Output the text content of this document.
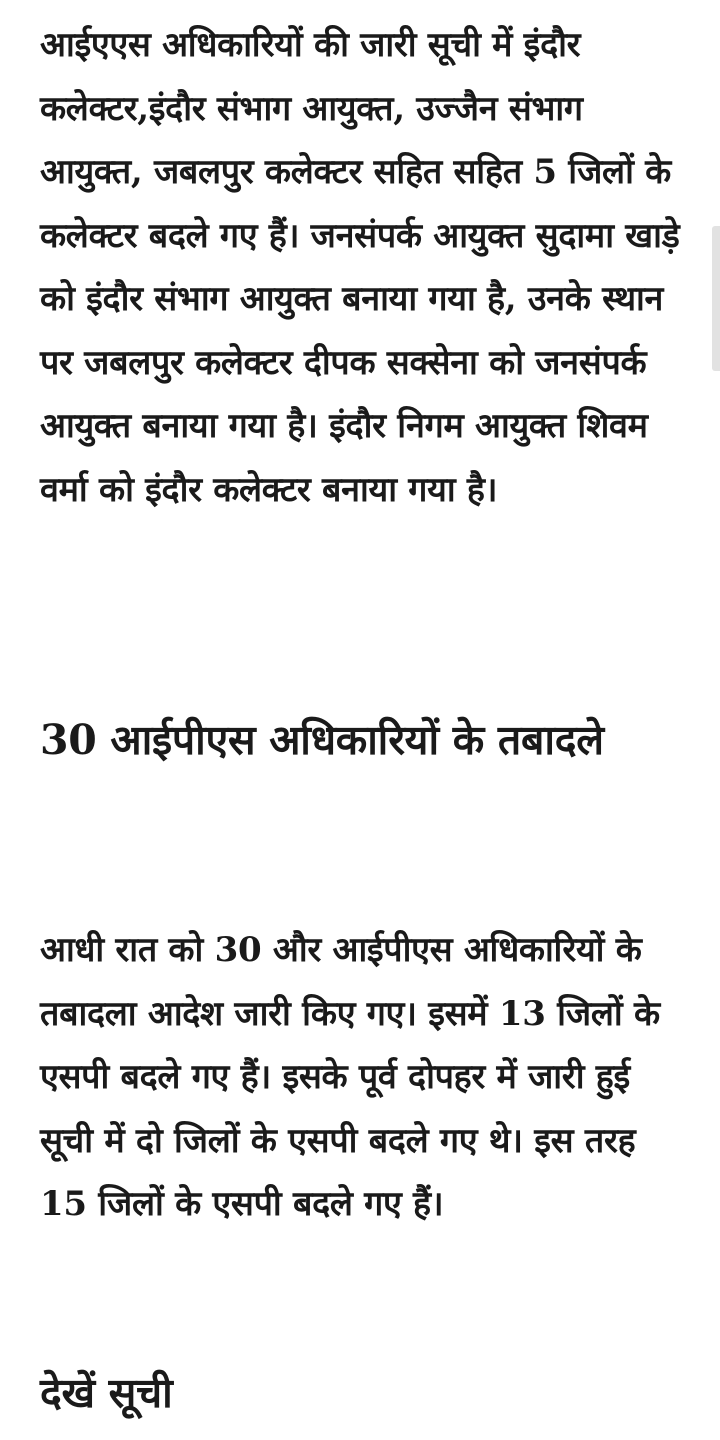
आईएएस अधिकारियों की जारी सूची में इंदौर कलेक्टर,इंदौर संभाग आयुक्त, उज्जैन संभाग आयुक्त, जबलपुर कलेक्टर सहित सहित 5 जिलों के कलेक्टर बदले गए हैं। जनसंपर्क आयुक्त सुदामा खाड़े को इंदौर संभाग आयुक्त बनाया गया है, उनके स्थान पर जबलपुर कलेक्टर दीपक सक्सेना को जनसंपर्क आयुक्त बनाया गया है। इंदौर निगम आयुक्त शिवम वर्मा को इंदौर कलेक्टर बनाया गया है।

30 आईपीएस अधिकारियों के तबादले

आधी रात को 30 और आईपीएस अधिकारियों के तबादला आदेश जारी किए गए। इसमें 13 जिलों के एसपी बदले गए हैं। इसके पूर्व दोपहर में जारी हुई सूची में दो जिलों के एसपी बदले गए थे। इस तरह 15 जिलों के एसपी बदले गए हैं।

देखें सूची
